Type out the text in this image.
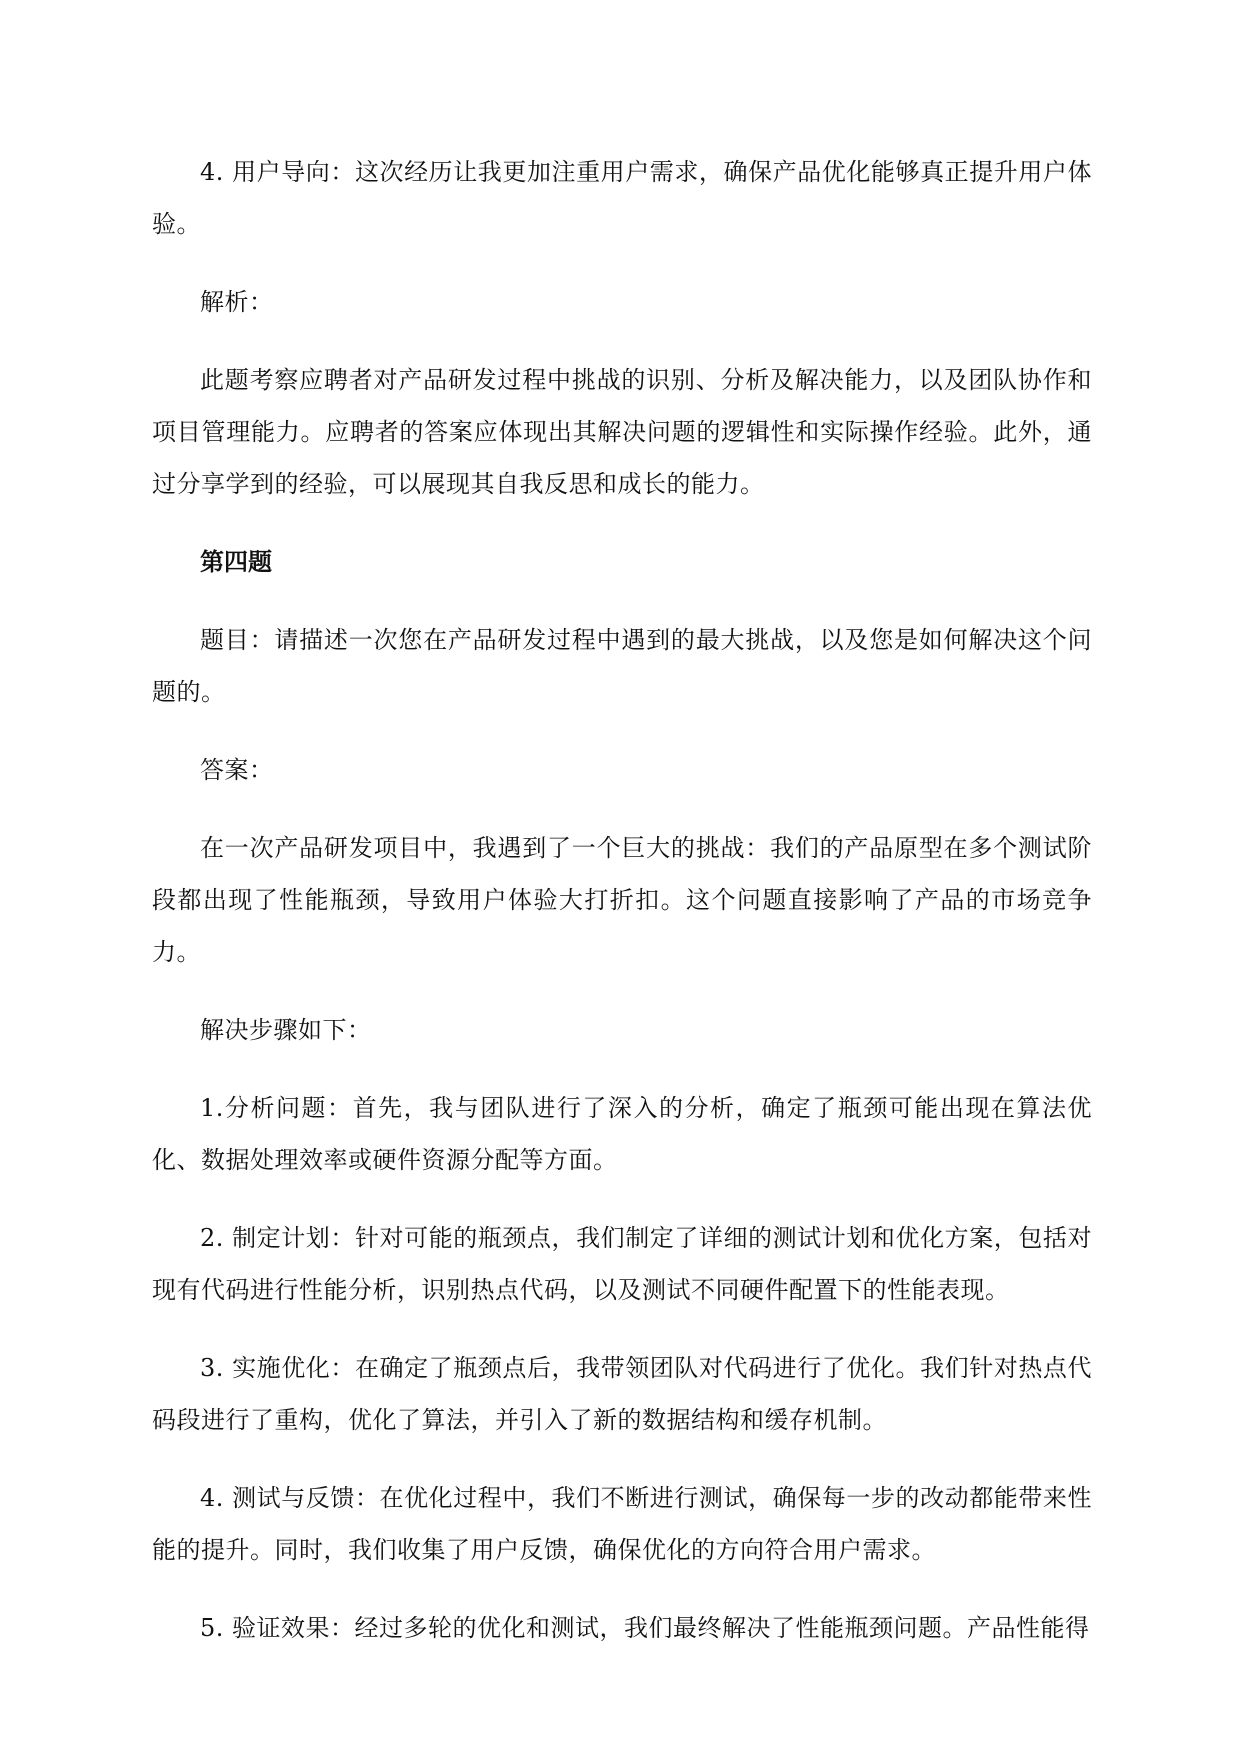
4. 用户导向：这次经历让我更加注重用户需求，确保产品优化能够真正提升用户体验。

解析：

此题考察应聘者对产品研发过程中挑战的识别、分析及解决能力，以及团队协作和项目管理能力。应聘者的答案应体现出其解决问题的逻辑性和实际操作经验。此外，通过分享学到的经验，可以展现其自我反思和成长的能力。

第四题

题目：请描述一次您在产品研发过程中遇到的最大挑战，以及您是如何解决这个问题的。

答案：

在一次产品研发项目中，我遇到了一个巨大的挑战：我们的产品原型在多个测试阶段都出现了性能瓶颈，导致用户体验大打折扣。这个问题直接影响了产品的市场竞争力。

解决步骤如下：

1.分析问题：首先，我与团队进行了深入的分析，确定了瓶颈可能出现在算法优化、数据处理效率或硬件资源分配等方面。

2. 制定计划：针对可能的瓶颈点，我们制定了详细的测试计划和优化方案，包括对现有代码进行性能分析，识别热点代码，以及测试不同硬件配置下的性能表现。

3. 实施优化：在确定了瓶颈点后，我带领团队对代码进行了优化。我们针对热点代码段进行了重构，优化了算法，并引入了新的数据结构和缓存机制。

4. 测试与反馈：在优化过程中，我们不断进行测试，确保每一步的改动都能带来性能的提升。同时，我们收集了用户反馈，确保优化的方向符合用户需求。

5. 验证效果：经过多轮的优化和测试，我们最终解决了性能瓶颈问题。产品性能得
